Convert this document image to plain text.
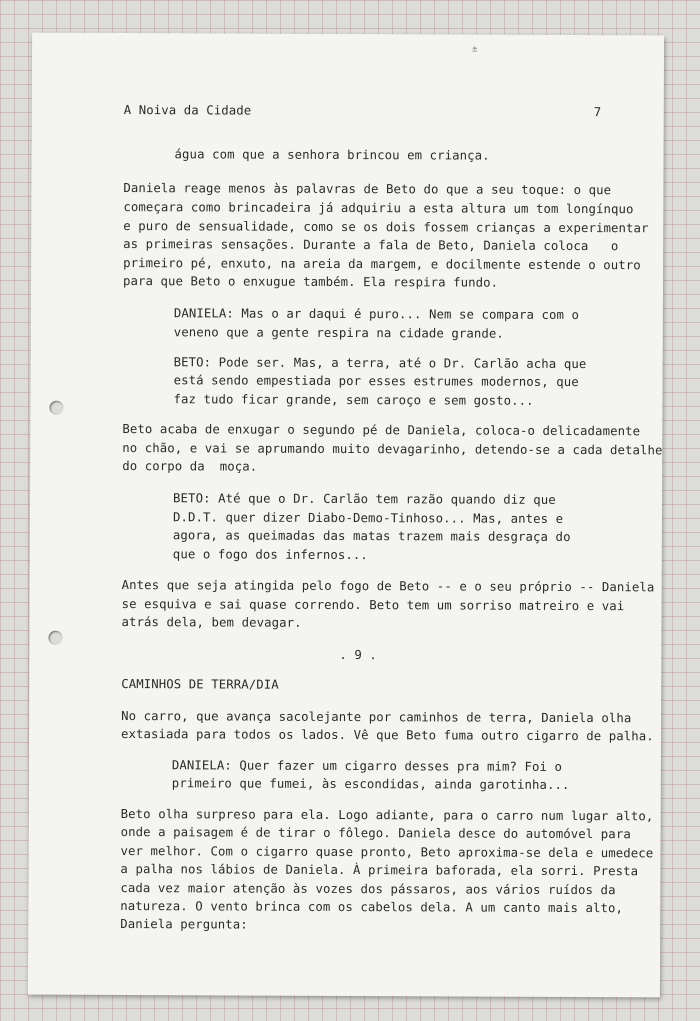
±
A Noiva da Cidade	7
água com que a senhora brincou em criança.
Daniela reage menos às palavras de Beto do que a seu toque: o que
começara como brincadeira já adquiriu a esta altura um tom longínquo
e puro de sensualidade, como se os dois fossem crianças a experimentar
as primeiras sensações. Durante a fala de Beto, Daniela coloca   o
primeiro pé, enxuto, na areia da margem, e docilmente estende o outro
para que Beto o enxugue também. Ela respira fundo.
DANIELA: Mas o ar daqui é puro... Nem se compara com o
veneno que a gente respira na cidade grande.
BETO: Pode ser. Mas, a terra, até o Dr. Carlão acha que
está sendo empestiada por esses estrumes modernos, que
faz tudo ficar grande, sem caroço e sem gosto...
Beto acaba de enxugar o segundo pé de Daniela, coloca-o delicadamente
no chão, e vai se aprumando muito devagarinho, detendo-se a cada detalhe
do corpo da  moça.
BETO: Até que o Dr. Carlão tem razão quando diz que
D.D.T. quer dizer Diabo-Demo-Tinhoso... Mas, antes e
agora, as queimadas das matas trazem mais desgraça do
que o fogo dos infernos...
Antes que seja atingida pelo fogo de Beto -- e o seu próprio -- Daniela
se esquiva e sai quase correndo. Beto tem um sorriso matreiro e vai
atrás dela, bem devagar.
. 9 .
CAMINHOS DE TERRA/DIA
No carro, que avança sacolejante por caminhos de terra, Daniela olha
extasiada para todos os lados. Vê que Beto fuma outro cigarro de palha.
DANIELA: Quer fazer um cigarro desses pra mim? Foi o
primeiro que fumei, às escondidas, ainda garotinha...
Beto olha surpreso para ela. Logo adiante, para o carro num lugar alto,
onde a paisagem é de tirar o fôlego. Daniela desce do automóvel para
ver melhor. Com o cigarro quase pronto, Beto aproxima-se dela e umedece
a palha nos lábios de Daniela. À primeira baforada, ela sorri. Presta
cada vez maior atenção às vozes dos pássaros, aos vários ruídos da
natureza. O vento brinca com os cabelos dela. A um canto mais alto,
Daniela pergunta:
